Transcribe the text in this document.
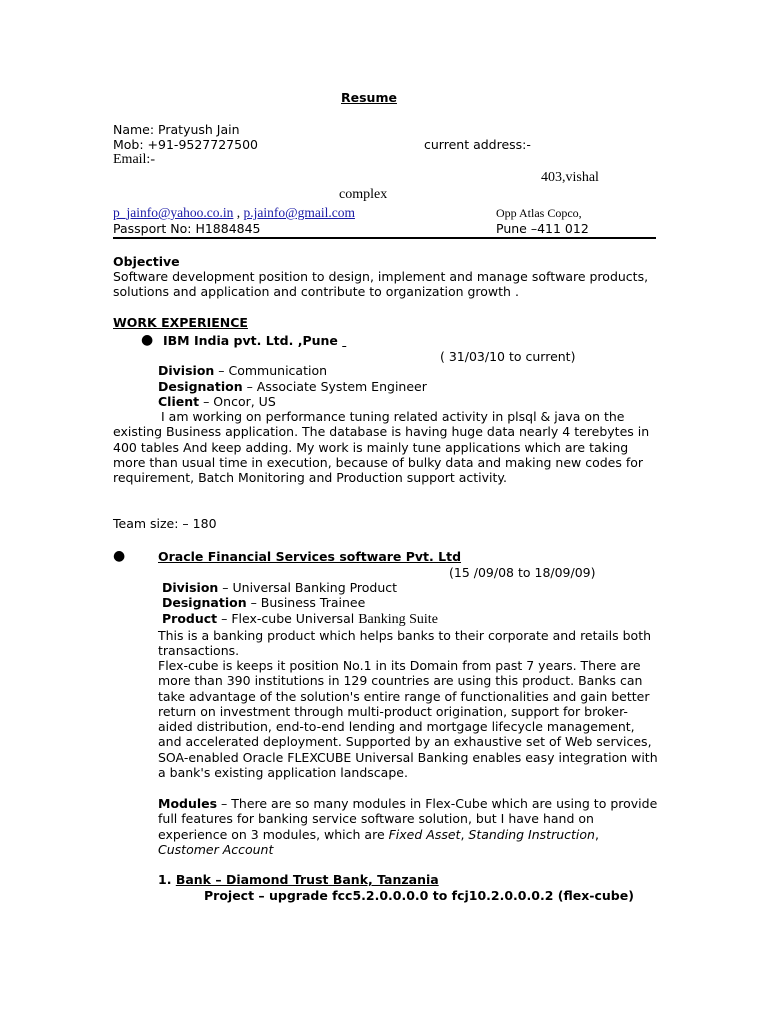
Resume
Name: Pratyush Jain
Mob: +91-9527727500	current address:-
Email:-
403,vishal
complex
p_jainfo@yahoo.co.in , p.jainfo@gmail.com	Opp Atlas Copco,
Passport No: H1884845	Pune –411 012
Objective
Software development position to design, implement and manage software products, solutions and application and contribute to organization growth .
WORK EXPERIENCE
● IBM India pvt. Ltd. ,Pune
( 31/03/10 to current)
Division – Communication
Designation – Associate System Engineer
Client – Oncor, US
I am working on performance tuning related activity in plsql & java on the existing Business application. The database is having huge data nearly 4 terebytes in 400 tables And keep adding. My work is mainly tune applications which are taking more than usual time in execution, because of bulky data and making new codes for requirement, Batch Monitoring and Production support activity.
Team size: – 180
●	Oracle Financial Services software Pvt. Ltd
(15 /09/08 to 18/09/09)
Division – Universal Banking Product
Designation – Business Trainee
Product – Flex-cube Universal Banking Suite
This is a banking product which helps banks to their corporate and retails both transactions.
Flex-cube is keeps it position No.1 in its Domain from past 7 years. There are more than 390 institutions in 129 countries are using this product. Banks can take advantage of the solution's entire range of functionalities and gain better return on investment through multi-product origination, support for broker-aided distribution, end-to-end lending and mortgage lifecycle management, and accelerated deployment. Supported by an exhaustive set of Web services, SOA-enabled Oracle FLEXCUBE Universal Banking enables easy integration with a bank's existing application landscape.
Modules – There are so many modules in Flex-Cube which are using to provide full features for banking service software solution, but I have hand on experience on 3 modules, which are Fixed Asset, Standing Instruction, Customer Account
1. Bank – Diamond Trust Bank, Tanzania
Project – upgrade fcc5.2.0.0.0.0 to fcj10.2.0.0.0.2 (flex-cube)
